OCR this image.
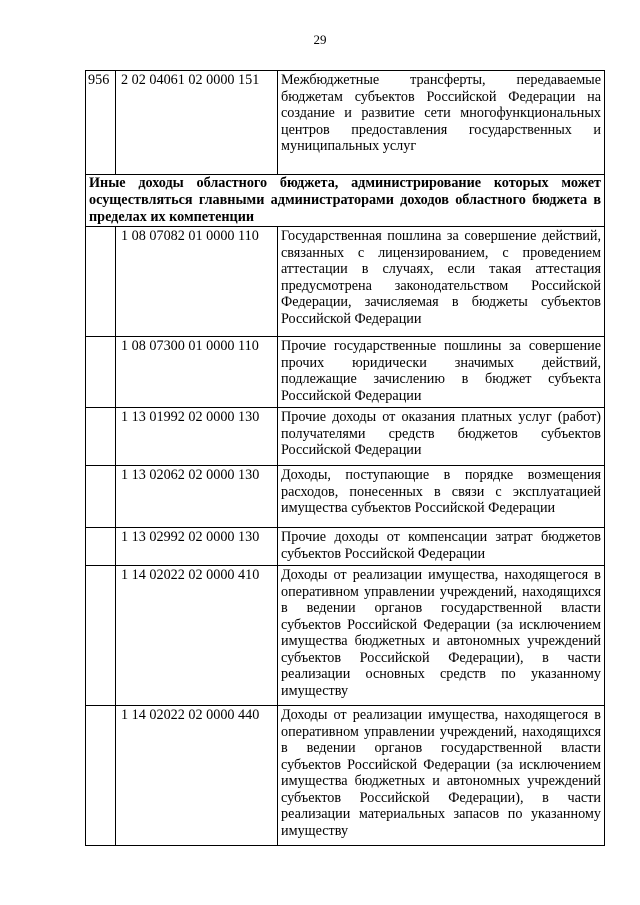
29
956	2 02 04061 02 0000 151	Межбюджетные трансферты, передаваемые бюджетам субъектов Российской Федерации на создание и развитие сети многофункциональных центров предоставления государственных и муниципальных услуг
Иные доходы областного бюджета, администрирование которых может осуществляться главными администраторами доходов областного бюджета в пределах их компетенции		
	1 08 07082 01 0000 110	Государственная пошлина за совершение действий, связанных с лицензированием, с проведением аттестации в случаях, если такая аттестация предусмотрена законодательством Российской Федерации, зачисляемая в бюджеты субъектов Российской Федерации
	1 08 07300 01 0000 110	Прочие государственные пошлины за совершение прочих юридически значимых действий, подлежащие зачислению в бюджет субъекта Российской Федерации
	1 13 01992 02 0000 130	Прочие доходы от оказания платных услуг (работ) получателями средств бюджетов субъектов Российской Федерации
	1 13 02062 02 0000 130	Доходы, поступающие в порядке возмещения расходов, понесенных в связи с эксплуатацией имущества субъектов Российской Федерации
	1 13 02992 02 0000 130	Прочие доходы от компенсации затрат бюджетов субъектов Российской Федерации
	1 14 02022 02 0000 410	Доходы от реализации имущества, находящегося в оперативном управлении учреждений, находящихся в ведении органов государственной власти субъектов Российской Федерации (за исключением имущества бюджетных и автономных учреждений субъектов Российской Федерации), в части реализации основных средств по указанному имуществу
	1 14 02022 02 0000 440	Доходы от реализации имущества, находящегося в оперативном управлении учреждений, находящихся в ведении органов государственной власти субъектов Российской Федерации (за исключением имущества бюджетных и автономных учреждений субъектов Российской Федерации), в части реализации материальных запасов по указанному имуществу
